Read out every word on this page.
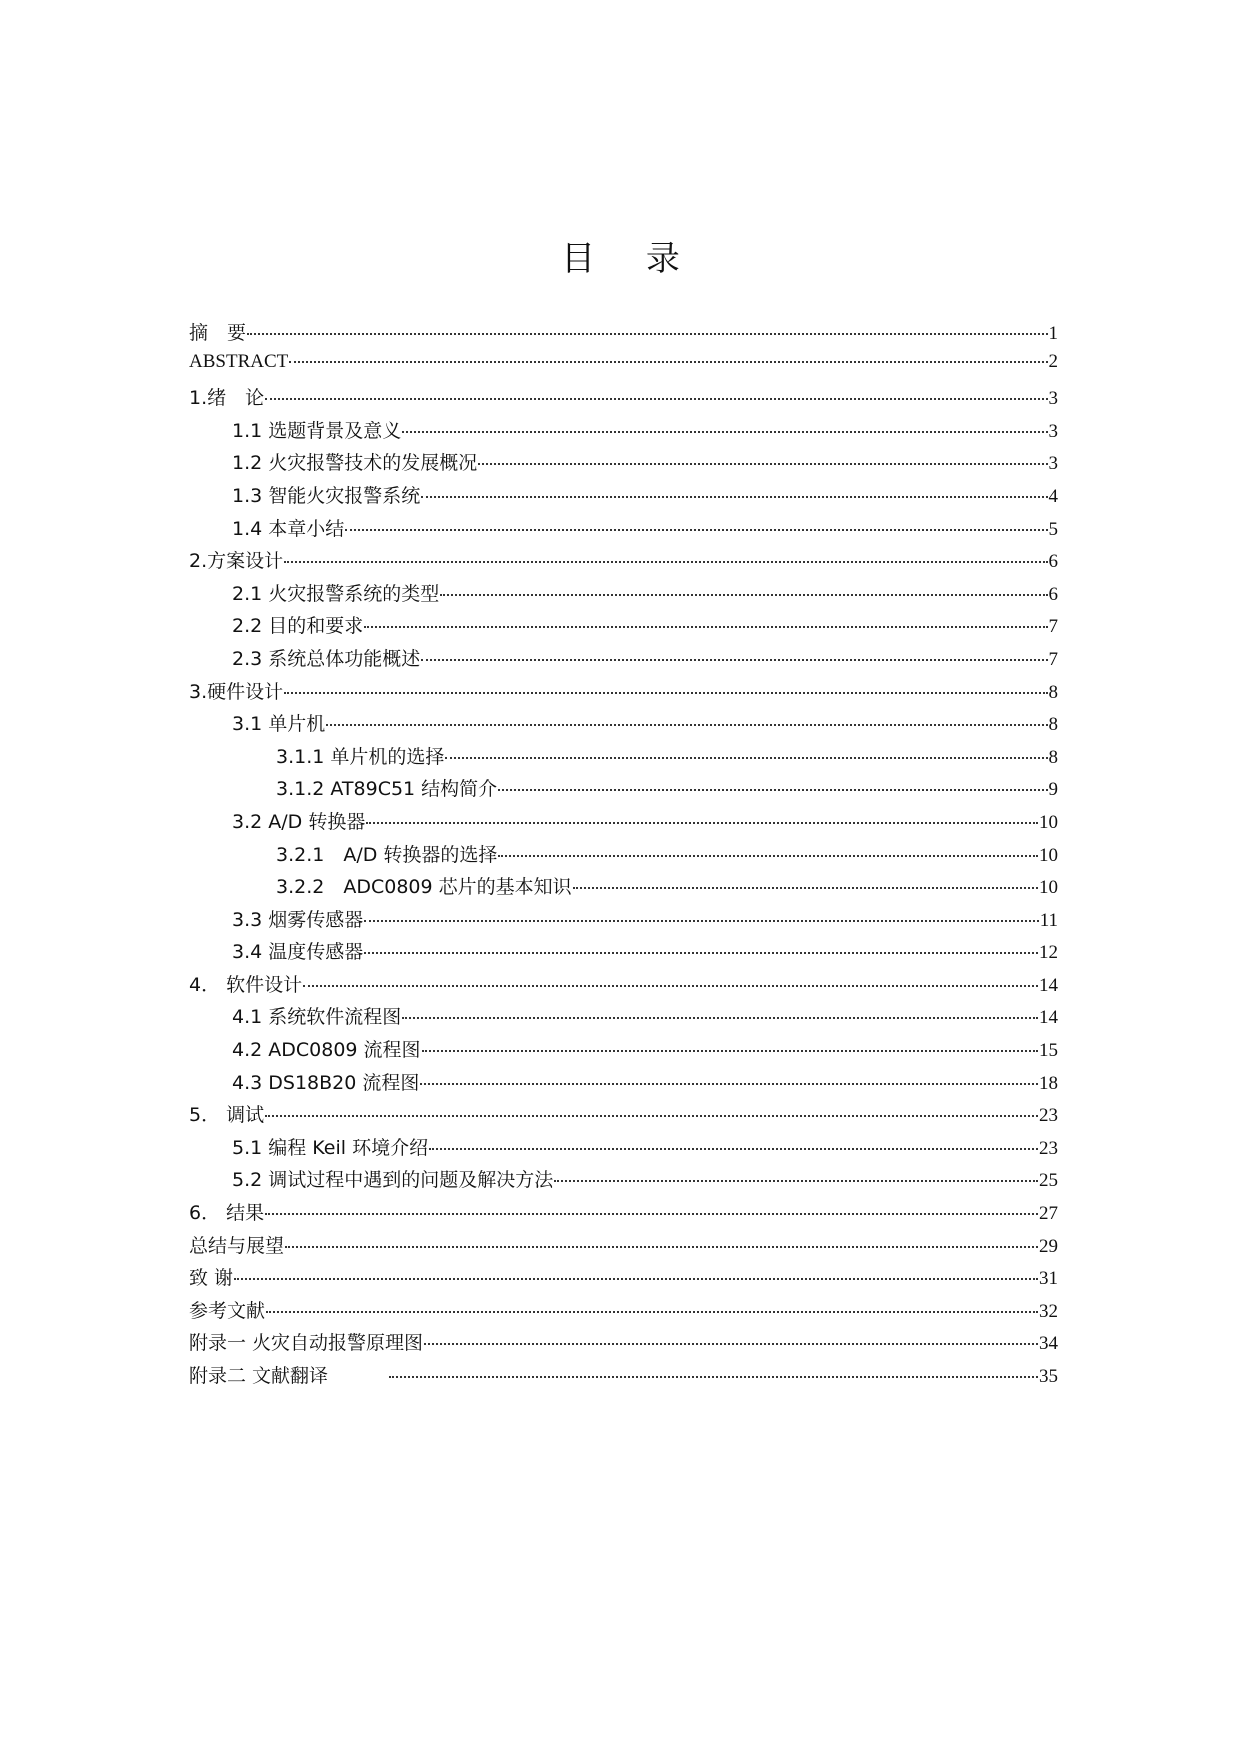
目 录
摘　要	1
ABSTRACT	2
1.绪　论	3
1.1 选题背景及意义	3
1.2 火灾报警技术的发展概况	3
1.3 智能火灾报警系统	4
1.4 本章小结	5
2.方案设计	6
2.1 火灾报警系统的类型	6
2.2 目的和要求	7
2.3 系统总体功能概述	7
3.硬件设计	8
3.1 单片机	8
3.1.1 单片机的选择	8
3.1.2 AT89C51 结构简介	9
3.2 A/D 转换器	10
3.2.1　A/D 转换器的选择	10
3.2.2　ADC0809 芯片的基本知识	10
3.3 烟雾传感器	11
3.4 温度传感器	12
4． 软件设计	14
4.1 系统软件流程图	14
4.2 ADC0809 流程图	15
4.3 DS18B20 流程图	18
5． 调试	23
5.1 编程 Keil 环境介绍	23
5.2 调试过程中遇到的问题及解决方法	25
6． 结果	27
总结与展望	29
致 谢	31
参考文献	32
附录一 火灾自动报警原理图	34
附录二 文献翻译	35
